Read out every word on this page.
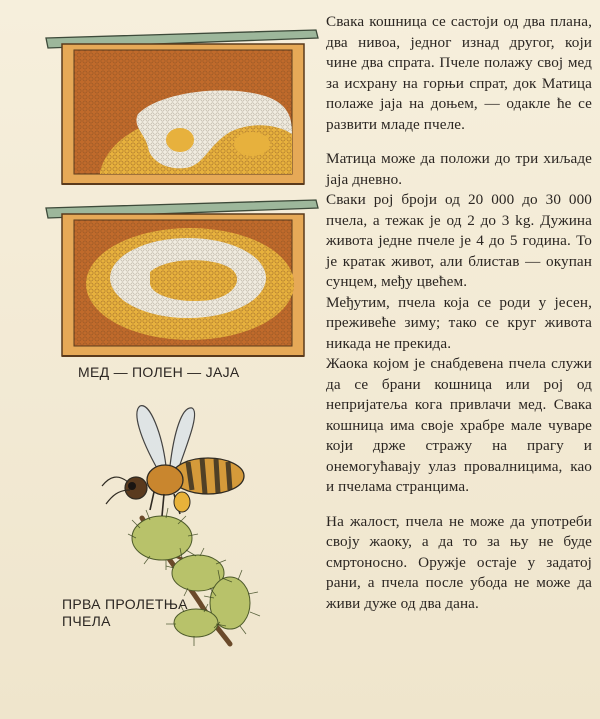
МЕД — ПОЛЕН — ЈАЈА
ПРВА ПРОЛЕТЊА
ПЧЕЛА

Свака кошница се састоји од два плана, два нивоа, једног изнад другог, који чине два спрата. Пчеле полажу свој мед за исхрану на горњи спрат, док Матица полаже јаја на доњем, — одакле ће се развити младе пчеле.

Матица може да положи до три хиљаде јаја дневно.

Сваки рој броји од 20 000 до 30 000 пчела, а тежак је од 2 до 3 kg. Дужина живота једне пчеле је 4 до 5 година. То је кратак живот, али блистав — окупан сунцем, међу цвећем.

Међутим, пчела која се роди у јесен, преживеће зиму; тако се круг живота никада не прекида.

Жаока којом је снабдевена пчела служи да се брани кошница или рој од непријатеља кога привлачи мед. Свака кошница има своје храбре мале чуваре који држе стражу на прагу и онемогућавају улаз провалницима, као и пчелама странцима.

На жалост, пчела не може да употреби своју жаоку, а да то за њу не буде смртоносно. Оружје остаје у задатој рани, а пчела после убода не може да живи дуже од два дана.
